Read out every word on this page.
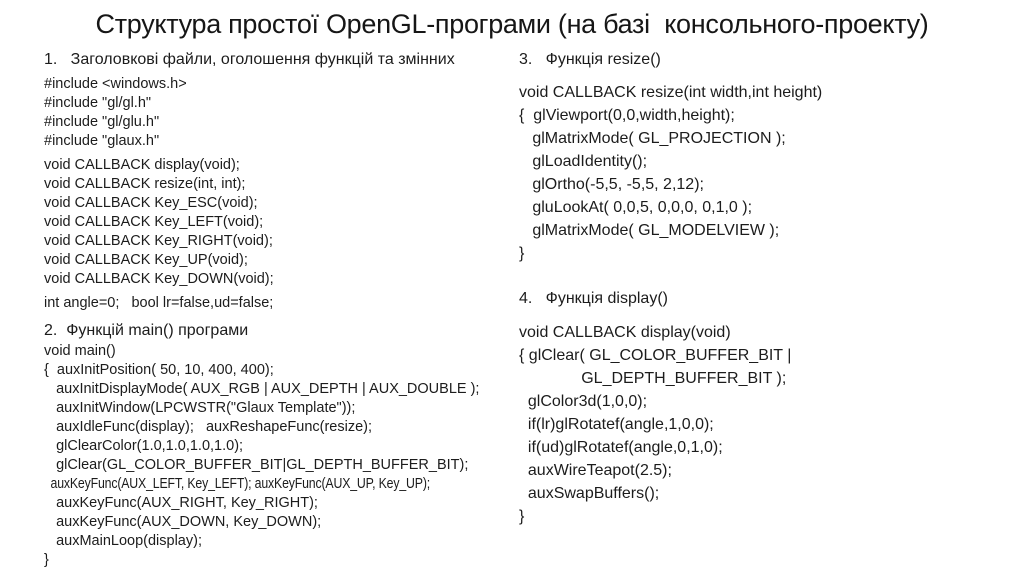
Структура простої OpenGL-програми (на базі  консольного-проекту)
1.   Заголовкові файли, оголошення функцій та змінних
#include <windows.h>
#include "gl/gl.h"
#include "gl/glu.h"
#include "glaux.h"
void CALLBACK display(void);
void CALLBACK resize(int, int);
void CALLBACK Key_ESC(void);
void CALLBACK Key_LEFT(void);
void CALLBACK Key_RIGHT(void);
void CALLBACK Key_UP(void);
void CALLBACK Key_DOWN(void);
int angle=0;   bool lr=false,ud=false;
2.  Функцій main() програми
void main()
{  auxInitPosition( 50, 10, 400, 400);
auxInitDisplayMode( AUX_RGB | AUX_DEPTH | AUX_DOUBLE );
auxInitWindow(LPCWSTR("Glaux Template"));
auxIdleFunc(display);   auxReshapeFunc(resize);
glClearColor(1.0,1.0,1.0,1.0);
glClear(GL_COLOR_BUFFER_BIT|GL_DEPTH_BUFFER_BIT);
auxKeyFunc(AUX_LEFT, Key_LEFT); auxKeyFunc(AUX_UP, Key_UP);
auxKeyFunc(AUX_RIGHT, Key_RIGHT);
auxKeyFunc(AUX_DOWN, Key_DOWN);
auxMainLoop(display);
}
3.   Функція resize()
void CALLBACK resize(int width,int height)
{  glViewport(0,0,width,height);
glMatrixMode( GL_PROJECTION );
glLoadIdentity();
glOrtho(-5,5, -5,5, 2,12);
gluLookAt( 0,0,5, 0,0,0, 0,1,0 );
glMatrixMode( GL_MODELVIEW );
}
4.   Функція display()
void CALLBACK display(void)
{ glClear( GL_COLOR_BUFFER_BIT |
GL_DEPTH_BUFFER_BIT );
glColor3d(1,0,0);
if(lr)glRotatef(angle,1,0,0);
if(ud)glRotatef(angle,0,1,0);
auxWireTeapot(2.5);
auxSwapBuffers();
}
